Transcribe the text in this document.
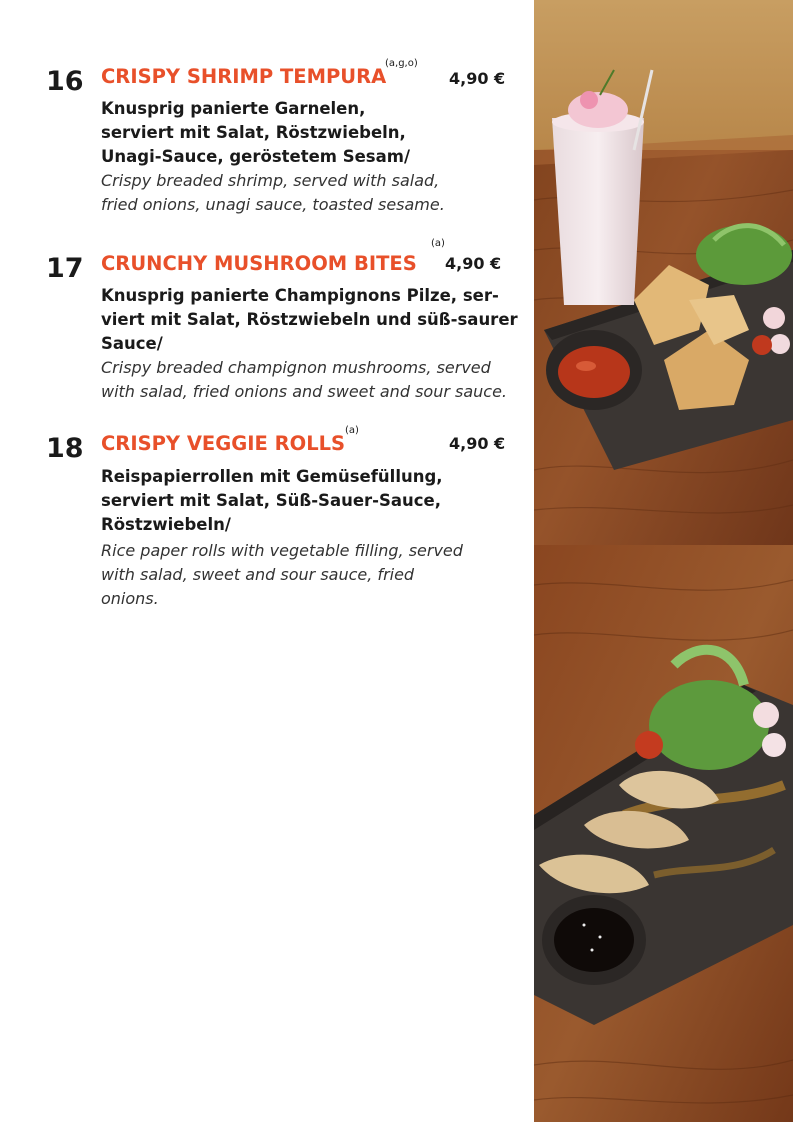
16 CRISPY SHRIMP TEMPURA
(a,g,o)
4,90 €
Knusprig panierte Garnelen,
serviert mit Salat, Röstzwiebeln,
Unagi-Sauce, geröstetem Sesam/
Crispy breaded shrimp, served with salad,
fried onions, unagi sauce, toasted sesame.
17 CRUNCHY MUSHROOM BITES
(a)
4,90 €
Knusprig panierte Champignons Pilze, ser-
viert mit Salat, Röstzwiebeln und süß-saurer
Sauce/
Crispy breaded champignon mushrooms, served
with salad, fried onions and sweet and sour sauce.
18 CRISPY VEGGIE ROLLS
(a)
4,90 €
Reispapierrollen mit Gemüsefüllung,
serviert mit Salat, Süß-Sauer-Sauce,
Röstzwiebeln/
Rice paper rolls with vegetable filling, served
with salad, sweet and sour sauce, fried
onions.
